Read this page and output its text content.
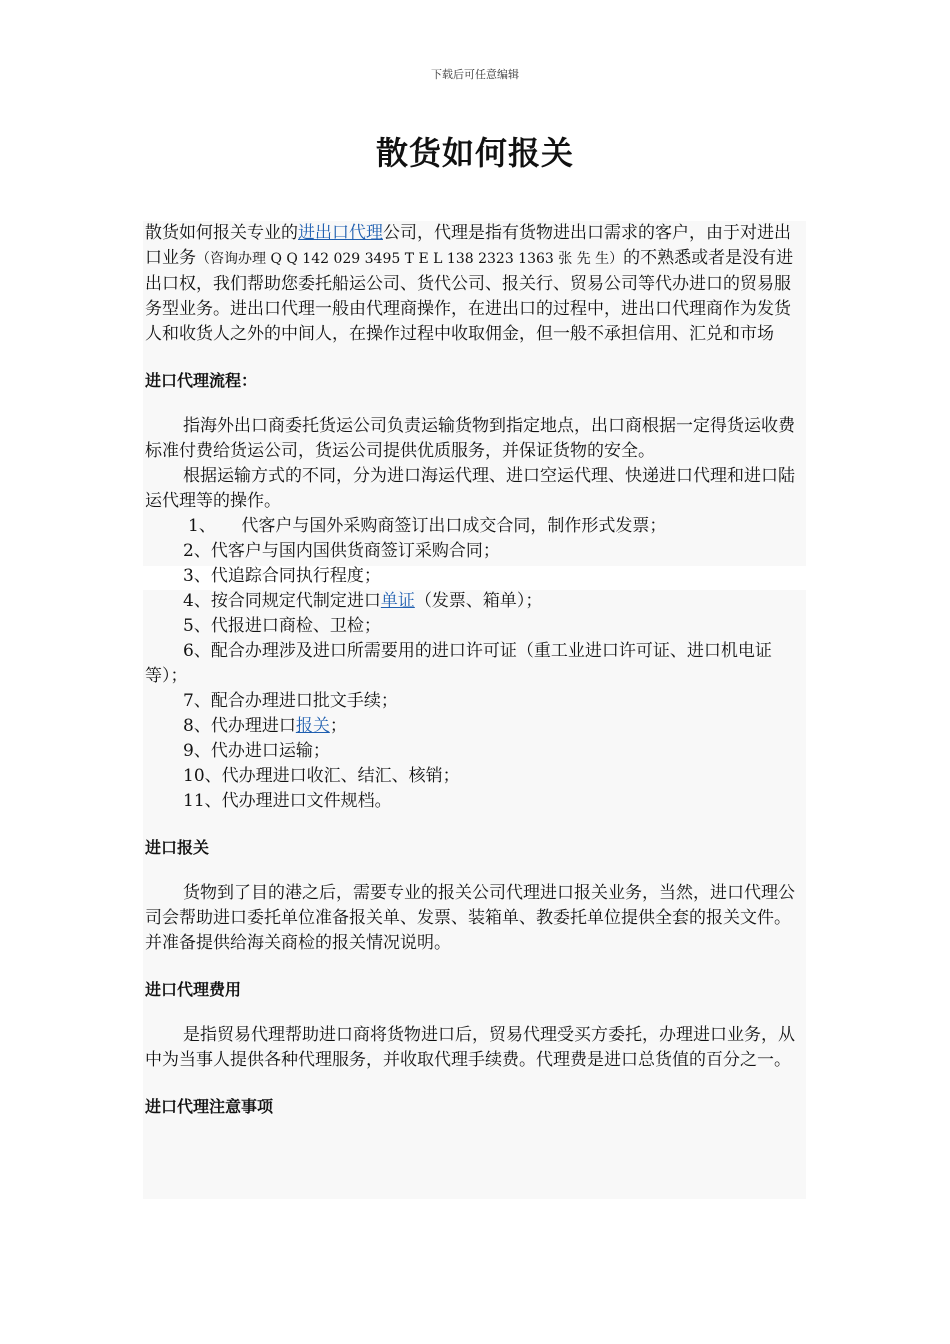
下载后可任意编辑
散货如何报关

散货如何报关专业的进出口代理公司，代理是指有货物进出口需求的客户，由于对进出口业务（咨询办理 Q Q 142 029 3495 T E L 138 2323 1363 张 先 生）的不熟悉或者是没有进出口权，我们帮助您委托船运公司、货代公司、报关行、贸易公司等代办进口的贸易服务型业务。进出口代理一般由代理商操作，在进出口的过程中，进出口代理商作为发货人和收货人之外的中间人，在操作过程中收取佣金，但一般不承担信用、汇兑和市场

进口代理流程：

指海外出口商委托货运公司负责运输货物到指定地点，出口商根据一定得货运收费标准付费给货运公司，货运公司提供优质服务，并保证货物的安全。

根据运输方式的不同，分为进口海运代理、进口空运代理、快递进口代理和进口陆运代理等的操作。

1、　　代客户与国外采购商签订出口成交合同，制作形式发票；

2、代客户与国内国供货商签订采购合同；

3、代追踪合同执行程度；

4、按合同规定代制定进口单证（发票、箱单）；

5、代报进口商检、卫检；

6、配合办理涉及进口所需要用的进口许可证（重工业进口许可证、进口机电证等）；

7、配合办理进口批文手续；

8、代办理进口报关；

9、代办进口运输；

10、代办理进口收汇、结汇、核销；

11、代办理进口文件规档。

进口报关

货物到了目的港之后，需要专业的报关公司代理进口报关业务，当然，进口代理公司会帮助进口委托单位准备报关单、发票、装箱单、教委托单位提供全套的报关文件。并准备提供给海关商检的报关情况说明。

进口代理费用

是指贸易代理帮助进口商将货物进口后，贸易代理受买方委托，办理进口业务，从中为当事人提供各种代理服务，并收取代理手续费。代理费是进口总货值的百分之一。

进口代理注意事项
